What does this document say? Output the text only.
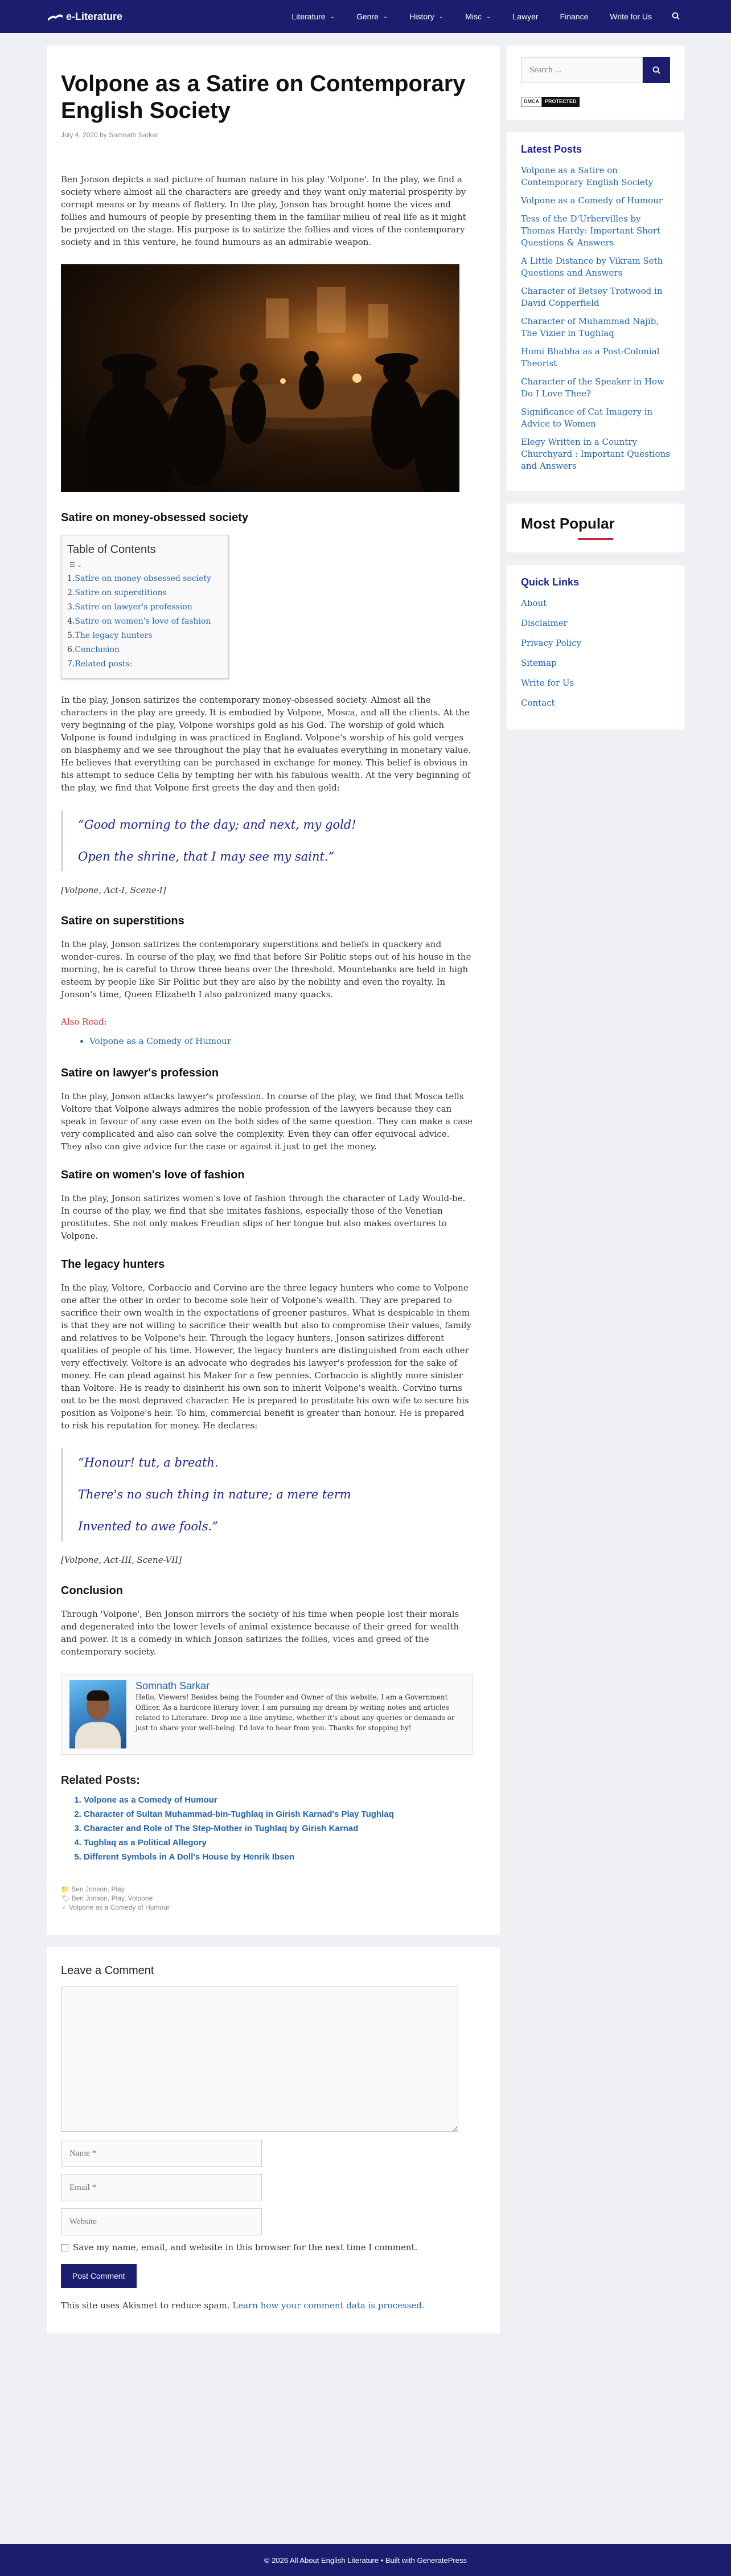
e-Literature	Literature ⌄	Genre ⌄	History ⌄	Misc ⌄	Lawyer	Finance	Write for Us
Volpone as a Satire on Contemporary English Society
July 4, 2020 by Somnath Sarkar

Ben Jonson depicts a sad picture of human nature in his play 'Volpone'. In the play, we find a society where almost all the characters are greedy and they want only material prosperity by corrupt means or by means of flattery. In the play, Jonson has brought home the vices and follies and humours of people by presenting them in the familiar milieu of real life as it might be projected on the stage. His purpose is to satirize the follies and vices of the contemporary society and in this venture, he found humours as an admirable weapon.

Satire on money-obsessed society
Table of Contents
☰ ⌄
1.Satire on money-obsessed society
2.Satire on superstitions
3.Satire on lawyer's profession
4.Satire on women's love of fashion
5.The legacy hunters
6.Conclusion
7.Related posts:

In the play, Jonson satirizes the contemporary money-obsessed society. Almost all the characters in the play are greedy. It is embodied by Volpone, Mosca, and all the clients. At the very beginning of the play, Volpone worships gold as his God. The worship of gold which Volpone is found indulging in was practiced in England. Volpone's worship of his gold verges on blasphemy and we see throughout the play that he evaluates everything in monetary value. He believes that everything can be purchased in exchange for money. This belief is obvious in his attempt to seduce Celia by tempting her with his fabulous wealth. At the very beginning of the play, we find that Volpone first greets the day and then gold:

“Good morning to the day; and next, my gold!

Open the shrine, that I may see my saint.”

[Volpone, Act-I, Scene-I]

Satire on superstitions

In the play, Jonson satirizes the contemporary superstitions and beliefs in quackery and wonder-cures. In course of the play, we find that before Sir Politic steps out of his house in the morning, he is careful to throw three beans over the threshold. Mountebanks are held in high esteem by people like Sir Politic but they are also by the nobility and even the royalty. In Jonson's time, Queen Elizabeth I also patronized many quacks.

Also Read:
• Volpone as a Comedy of Humour
Satire on lawyer's profession

In the play, Jonson attacks lawyer's profession. In course of the play, we find that Mosca tells Voltore that Volpone always admires the noble profession of the lawyers because they can speak in favour of any case even on the both sides of the same question. They can make a case very complicated and also can solve the complexity. Even they can offer equivocal advice. They also can give advice for the case or against it just to get the money.

Satire on women's love of fashion

In the play, Jonson satirizes women's love of fashion through the character of Lady Would-be. In course of the play, we find that she imitates fashions, especially those of the Venetian prostitutes. She not only makes Freudian slips of her tongue but also makes overtures to Volpone.

The legacy hunters

In the play, Voltore, Corbaccio and Corvino are the three legacy hunters who come to Volpone one after the other in order to become sole heir of Volpone's wealth. They are prepared to sacrifice their own wealth in the expectations of greener pastures. What is despicable in them is that they are not willing to sacrifice their wealth but also to compromise their values, family and relatives to be Volpone's heir. Through the legacy hunters, Jonson satirizes different qualities of people of his time. However, the legacy hunters are distinguished from each other very effectively. Voltore is an advocate who degrades his lawyer's profession for the sake of money. He can plead against his Maker for a few pennies. Corbaccio is slightly more sinister than Voltore. He is ready to disinherit his own son to inherit Volpone's wealth. Corvino turns out to be the most depraved character. He is prepared to prostitute his own wife to secure his position as Volpone's heir. To him, commercial benefit is greater than honour. He is prepared to risk his reputation for money. He declares:

“Honour! tut, a breath.

There's no such thing in nature; a mere term

Invented to awe fools.”

[Volpone, Act-III, Scene-VII]

Conclusion

Through 'Volpone', Ben Jonson mirrors the society of his time when people lost their morals and degenerated into the lower levels of animal existence because of their greed for wealth and power. It is a comedy in which Jonson satirizes the follies, vices and greed of the contemporary society.

Somnath Sarkar
Hello, Viewers! Besides being the Founder and Owner of this website, I am a Government Officer. As a hardcore literary lover, I am pursuing my dream by writing notes and articles related to Literature. Drop me a line anytime, whether it's about any queries or demands or just to share your well-being. I'd love to hear from you. Thanks for stopping by!
Related Posts:
1. Volpone as a Comedy of Humour
2. Character of Sultan Muhammad-bin-Tughlaq in Girish Karnad's Play Tughlaq
3. Character and Role of The Step-Mother in Tughlaq by Girish Karnad
4. Tughlaq as a Political Allegory
5. Different Symbols in A Doll's House by Henrik Ibsen
📁 Ben Jonson, Play
🏷 Ben Jonson, Play, Volpone
‹ Volpone as a Comedy of Humour
Leave a Comment
Name *
Email *
Website
Save my name, email, and website in this browser for the next time I comment.
Post Comment
This site uses Akismet to reduce spam. Learn how your comment data is processed.
Search ...
DMCA	PROTECTED
Latest Posts
Volpone as a Satire on Contemporary English Society
Volpone as a Comedy of Humour
Tess of the D'Urbervilles by Thomas Hardy: Important Short Questions & Answers
A Little Distance by Vikram Seth Questions and Answers
Character of Betsey Trotwood in David Copperfield
Character of Muhammad Najib, The Vizier in Tughlaq
Homi Bhabha as a Post-Colonial Theorist
Character of the Speaker in How Do I Love Thee?
Significance of Cat Imagery in Advice to Women
Elegy Written in a Country Churchyard : Important Questions and Answers
Most Popular
Quick Links
About
Disclaimer
Privacy Policy
Sitemap
Write for Us
Contact
© 2026 All About English Literature • Built with GeneratePress
